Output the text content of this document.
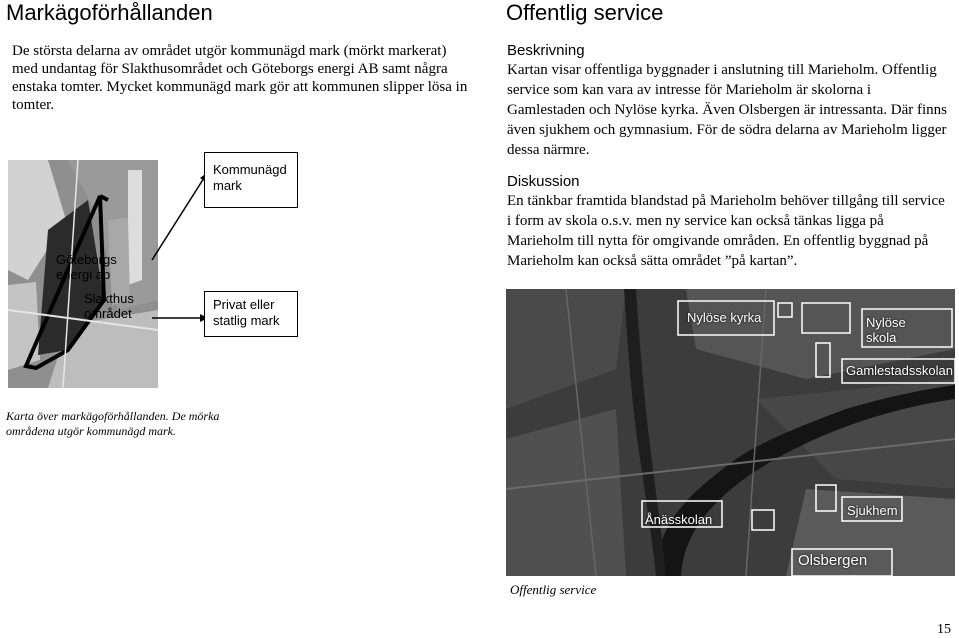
Markägoförhållanden
De största delarna av området utgör kommunägd mark (mörkt markerat) med undantag för Slakthusområdet och Göteborgs energi AB samt några enstaka tomter. Mycket kommunägd mark gör att kommunen slipper lösa in tomter.
Göteborgs
energi ab
Slakthus
området
Kommunägd
mark
Privat eller
statlig mark
Karta över markägoförhållanden. De mörka områdena utgör kommunägd mark.
Offentlig service
Beskrivning
Kartan visar offentliga byggnader i anslutning till Marieholm. Offentlig service som kan vara av intresse för Marieholm är skolorna i Gamlestaden och Nylöse kyrka. Även Olsbergen är intressanta. Där finns även sjukhem och gymnasium. För de södra delarna av Marieholm ligger dessa närmre.
Diskussion
En tänkbar framtida blandstad på Marieholm behöver tillgång till service i form av skola o.s.v. men ny service kan också tänkas ligga på Marieholm till nytta för omgivande områden. En offentlig byggnad på Marieholm kan också sätta området ”på kartan”.
Nylöse kyrka	Nylöse
skola
Gamlestadsskolan
Ånässkolan
Sjukhem
Olsbergen
Offentlig service
15
